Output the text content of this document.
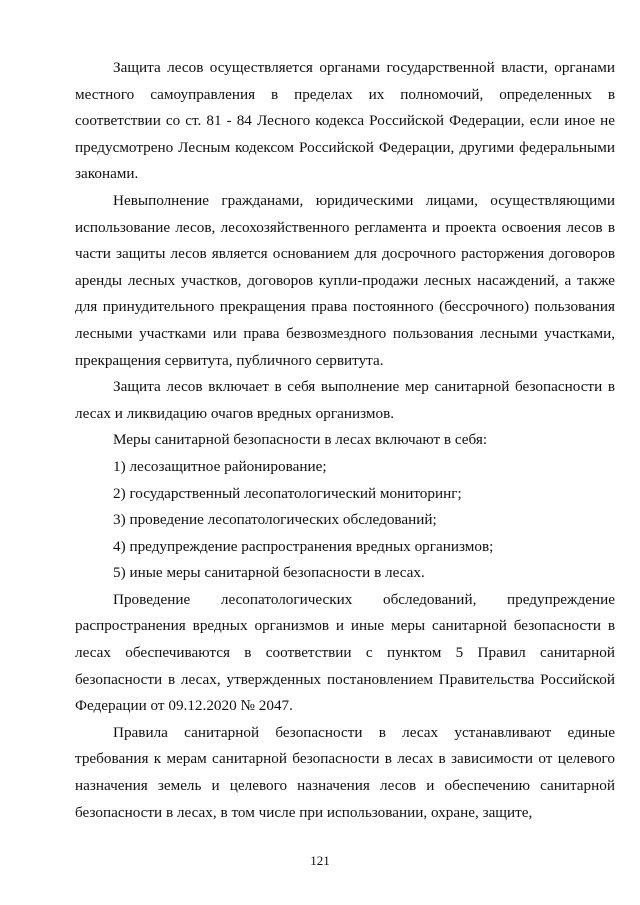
Защита лесов осуществляется органами государственной власти, органами местного самоуправления в пределах их полномочий, определенных в соответствии со ст. 81 - 84 Лесного кодекса Российской Федерации, если иное не предусмотрено Лесным кодексом Российской Федерации, другими федеральными законами.

Невыполнение гражданами, юридическими лицами, осуществляющими использование лесов, лесохозяйственного регламента и проекта освоения лесов в части защиты лесов является основанием для досрочного расторжения договоров аренды лесных участков, договоров купли-продажи лесных насаждений, а также для принудительного прекращения права постоянного (бессрочного) пользования лесными участками или права безвозмездного пользования лесными участками, прекращения сервитута, публичного сервитута.

Защита лесов включает в себя выполнение мер санитарной безопасности в лесах и ликвидацию очагов вредных организмов.

Меры санитарной безопасности в лесах включают в себя:

1) лесозащитное районирование;

2) государственный лесопатологический мониторинг;

3) проведение лесопатологических обследований;

4) предупреждение распространения вредных организмов;

5) иные меры санитарной безопасности в лесах.

Проведение лесопатологических обследований, предупреждение распространения вредных организмов и иные меры санитарной безопасности в лесах обеспечиваются в соответствии с пунктом 5 Правил санитарной безопасности в лесах, утвержденных постановлением Правительства Российской Федерации от 09.12.2020 № 2047.

Правила санитарной безопасности в лесах устанавливают единые требования к мерам санитарной безопасности в лесах в зависимости от целевого назначения земель и целевого назначения лесов и обеспечению санитарной безопасности в лесах, в том числе при использовании, охране, защите,

121
